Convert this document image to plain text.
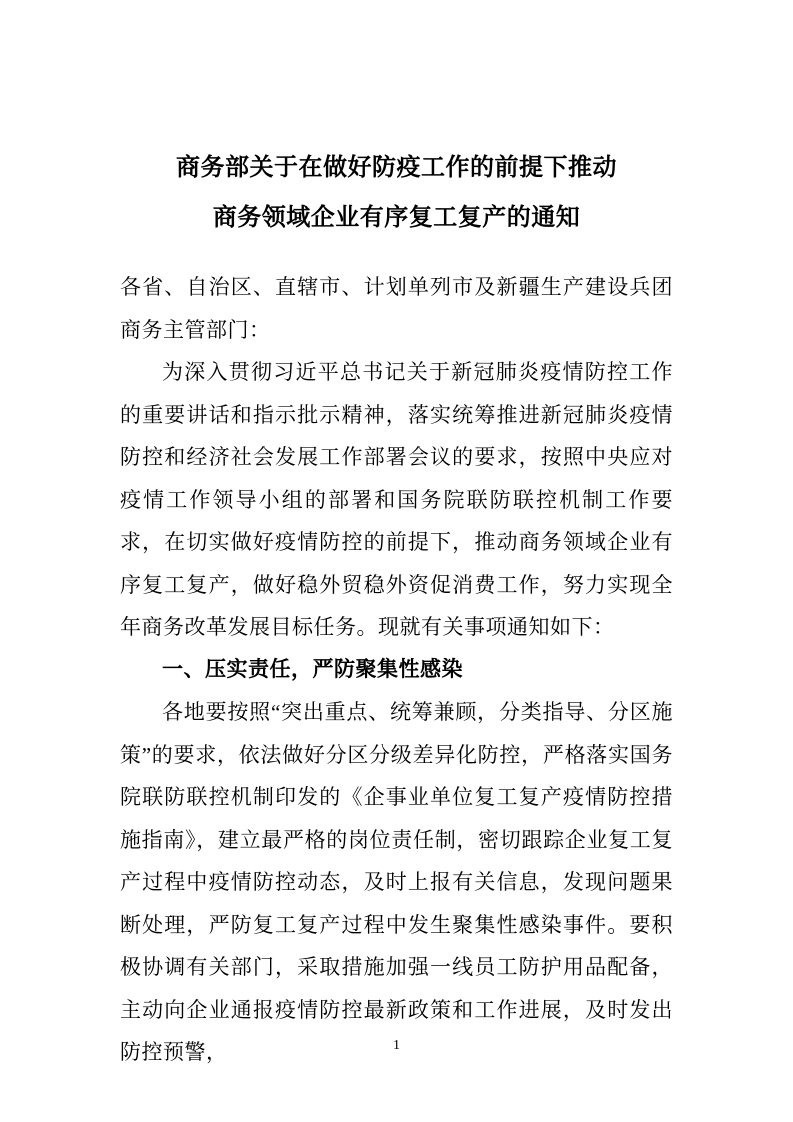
商务部关于在做好防疫工作的前提下推动
商务领域企业有序复工复产的通知

各省、自治区、直辖市、计划单列市及新疆生产建设兵团商务主管部门：

为深入贯彻习近平总书记关于新冠肺炎疫情防控工作的重要讲话和指示批示精神，落实统筹推进新冠肺炎疫情防控和经济社会发展工作部署会议的要求，按照中央应对疫情工作领导小组的部署和国务院联防联控机制工作要求，在切实做好疫情防控的前提下，推动商务领域企业有序复工复产，做好稳外贸稳外资促消费工作，努力实现全年商务改革发展目标任务。现就有关事项通知如下：

一、压实责任，严防聚集性感染

各地要按照“突出重点、统筹兼顾，分类指导、分区施策”的要求，依法做好分区分级差异化防控，严格落实国务院联防联控机制印发的《企事业单位复工复产疫情防控措施指南》，建立最严格的岗位责任制，密切跟踪企业复工复产过程中疫情防控动态，及时上报有关信息，发现问题果断处理，严防复工复产过程中发生聚集性感染事件。要积极协调有关部门，采取措施加强一线员工防护用品配备，主动向企业通报疫情防控最新政策和工作进展，及时发出防控预警，	1
